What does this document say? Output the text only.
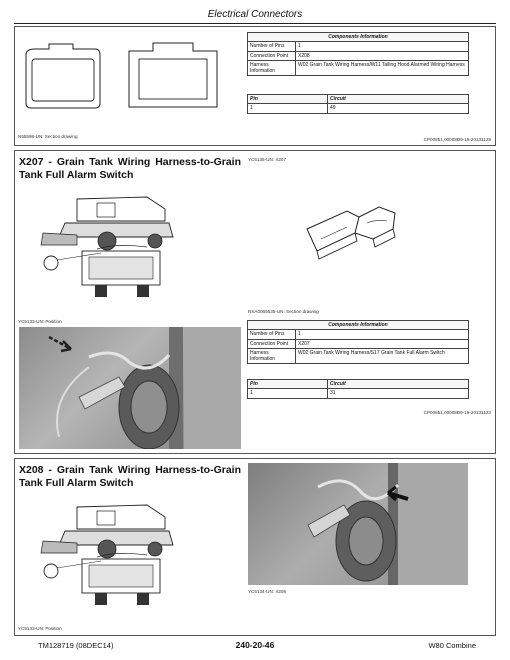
Electrical Connectors
N55598-UN: Section drawing
Components Information	
Number of Pins	1
Connection Point	X208
Harness Information	W02 Grain Tank Wiring Harness/W11 Tailing Hood Alarmed Wiring Harness
Pin	Circuit
1	49
CP00851,00008D9-19-20131129
X207 - Grain Tank Wiring Harness-to-Grain Tank Full Alarm Switch
YC5133-UN: Position
YC5135-UN: X207
RXA0065535-UN: Section drawing
Components Information	
Number of Pins	1
Connection Point	X207
Harness Information	W02 Grain Tank Wiring Harness/S17 Grain Tank Full Alarm Switch
Pin	Circuit
1	31
CP00851,00008D9-19-20131123
X208 - Grain Tank Wiring Harness-to-Grain Tank Full Alarm Switch
YC5133-UN: Position
YC5134-UN: X208
TM128719 (08DEC14)	240-20-46	W80 Combine
